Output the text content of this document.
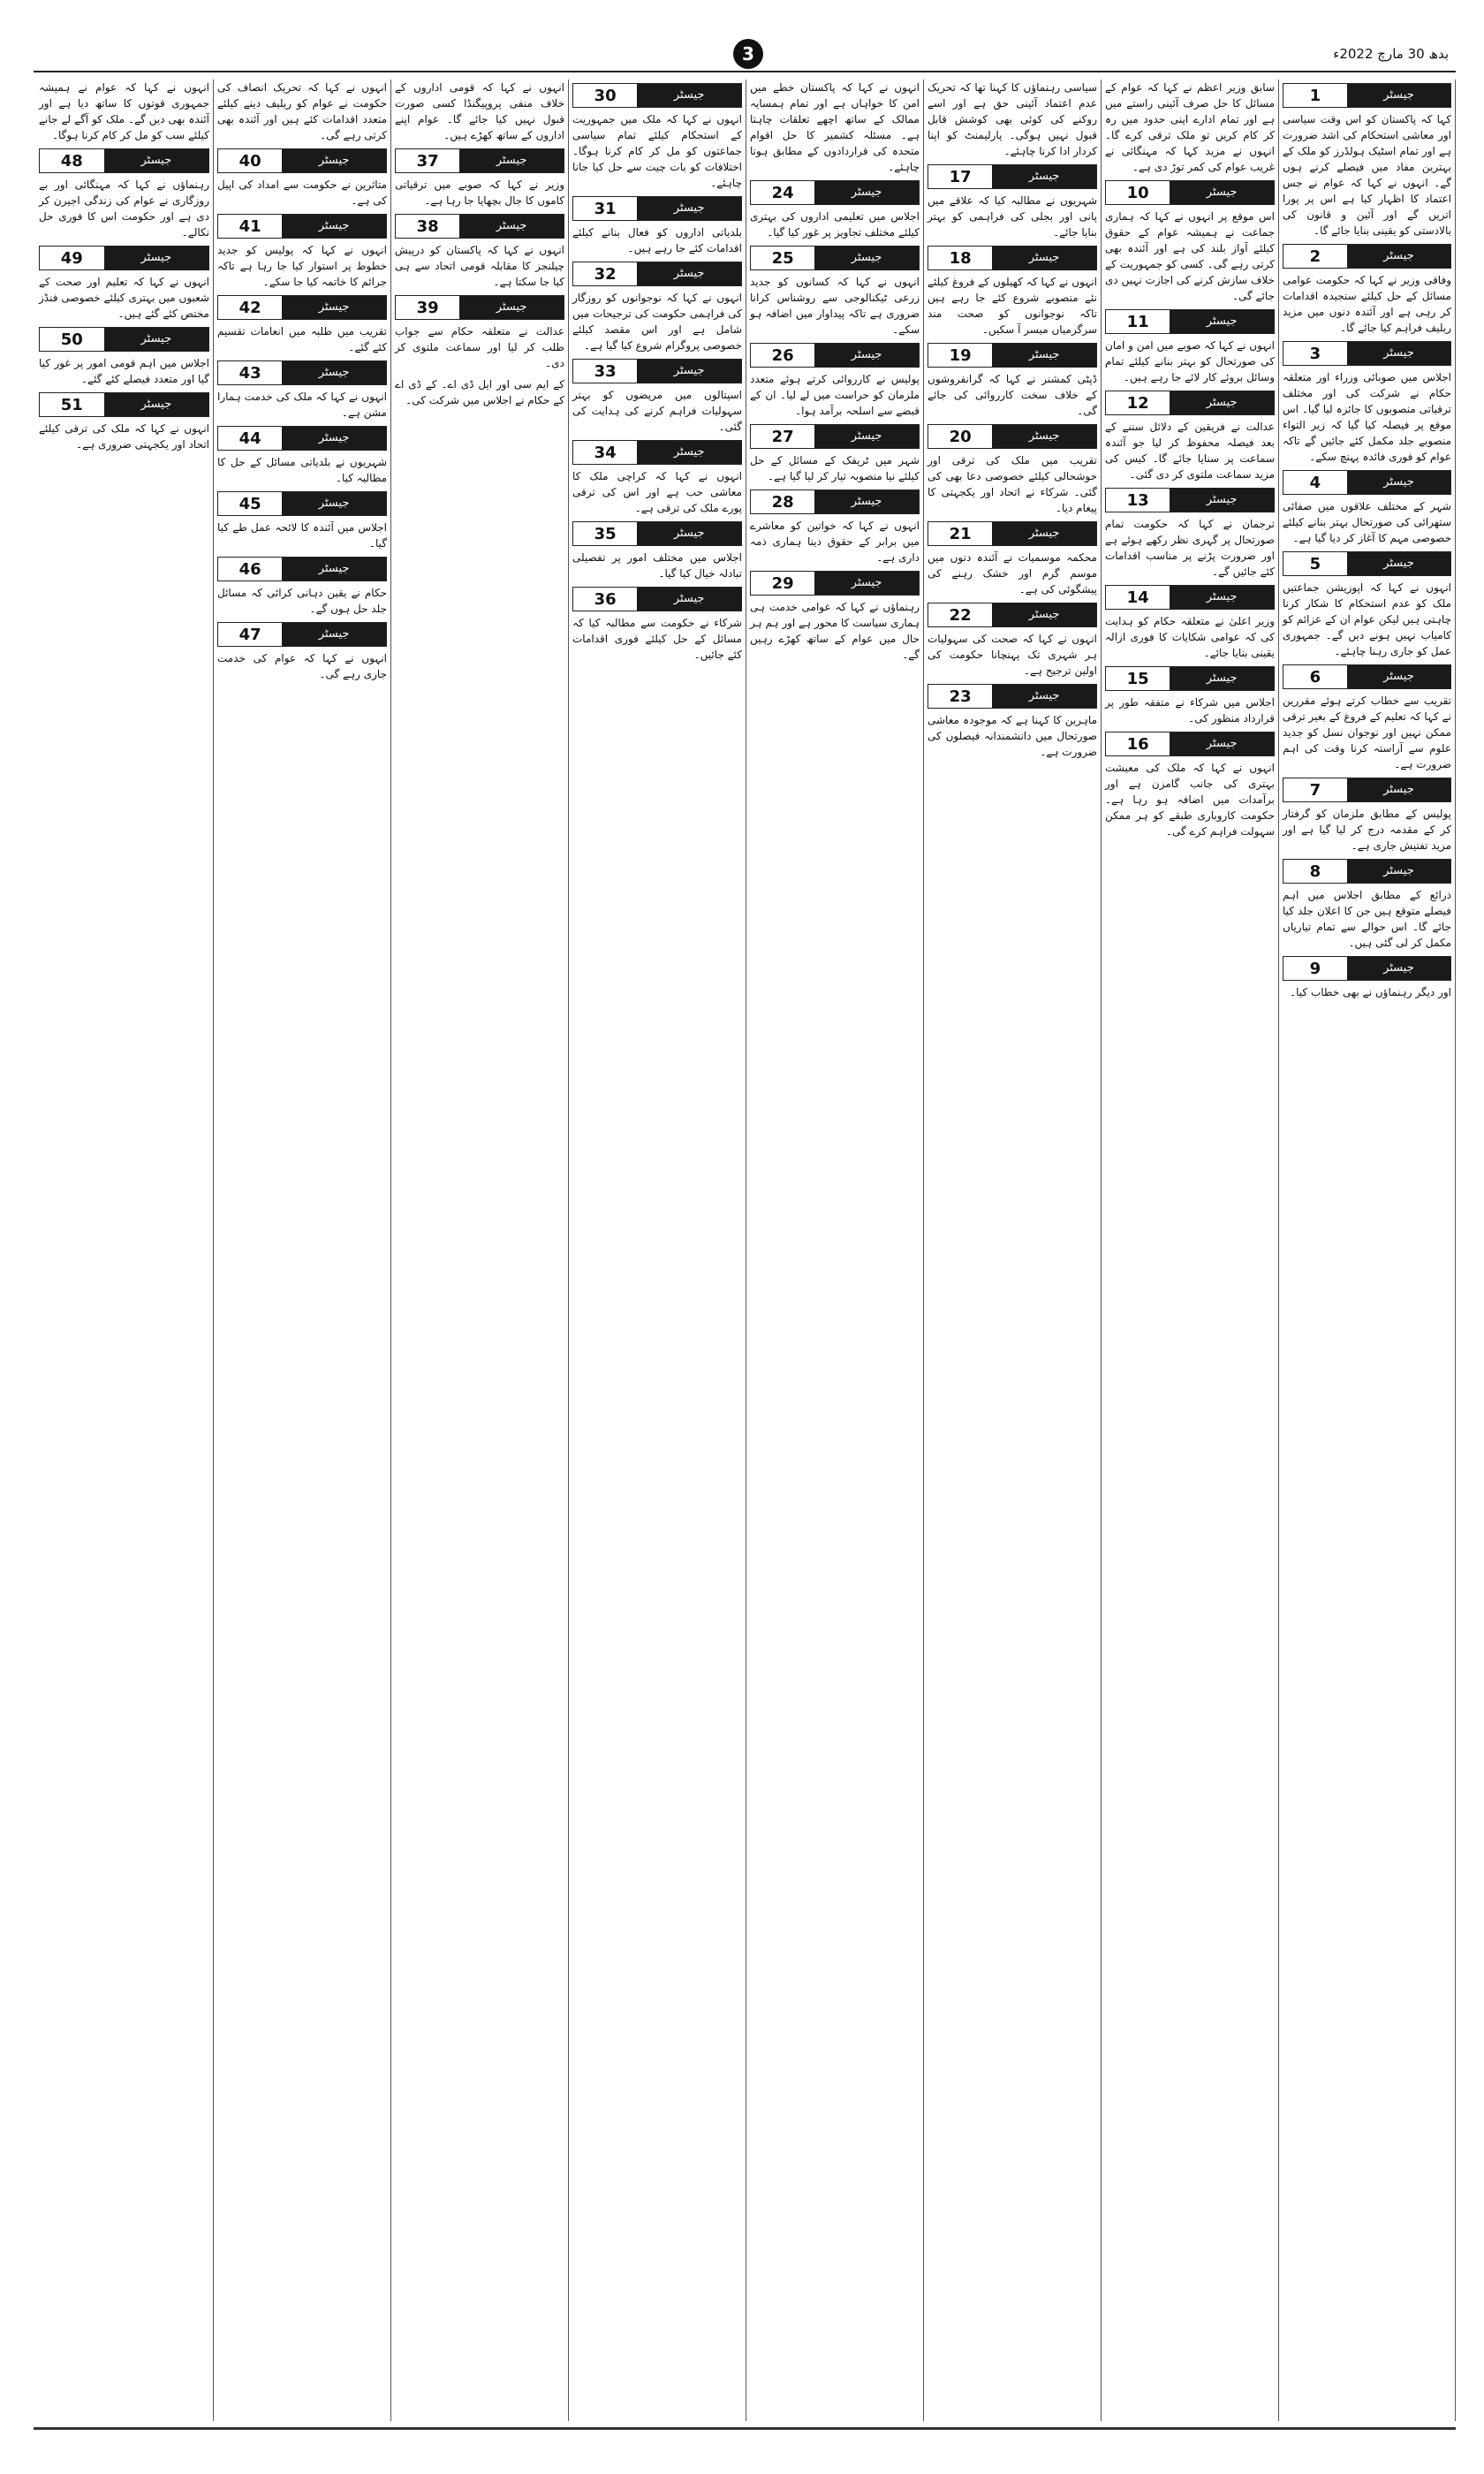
3	بدھ 30 مارچ 2022ء
جیسٹر
1
کہا کہ پاکستان کو اس وقت سیاسی اور معاشی استحکام کی اشد ضرورت ہے اور تمام اسٹیک ہولڈرز کو ملک کے بہترین مفاد میں فیصلے کرنے ہوں گے۔ انہوں نے کہا کہ عوام نے جس اعتماد کا اظہار کیا ہے اس پر پورا اتریں گے اور آئین و قانون کی بالادستی کو یقینی بنایا جائے گا۔
جیسٹر
2
وفاقی وزیر نے کہا کہ حکومت عوامی مسائل کے حل کیلئے سنجیدہ اقدامات کر رہی ہے اور آئندہ دنوں میں مزید ریلیف فراہم کیا جائے گا۔
جیسٹر
3
اجلاس میں صوبائی وزراء اور متعلقہ حکام نے شرکت کی اور مختلف ترقیاتی منصوبوں کا جائزہ لیا گیا۔ اس موقع پر فیصلہ کیا گیا کہ زیر التواء منصوبے جلد مکمل کئے جائیں گے تاکہ عوام کو فوری فائدہ پہنچ سکے۔
جیسٹر
4
شہر کے مختلف علاقوں میں صفائی ستھرائی کی صورتحال بہتر بنانے کیلئے خصوصی مہم کا آغاز کر دیا گیا ہے۔
جیسٹر
5
انہوں نے کہا کہ اپوزیشن جماعتیں ملک کو عدم استحکام کا شکار کرنا چاہتی ہیں لیکن عوام ان کے عزائم کو کامیاب نہیں ہونے دیں گے۔ جمہوری عمل کو جاری رہنا چاہئے۔
جیسٹر
6
تقریب سے خطاب کرتے ہوئے مقررین نے کہا کہ تعلیم کے فروغ کے بغیر ترقی ممکن نہیں اور نوجوان نسل کو جدید علوم سے آراستہ کرنا وقت کی اہم ضرورت ہے۔
جیسٹر
7
پولیس کے مطابق ملزمان کو گرفتار کر کے مقدمہ درج کر لیا گیا ہے اور مزید تفتیش جاری ہے۔
جیسٹر
8
ذرائع کے مطابق اجلاس میں اہم فیصلے متوقع ہیں جن کا اعلان جلد کیا جائے گا۔ اس حوالے سے تمام تیاریاں مکمل کر لی گئی ہیں۔
جیسٹر
9
اور دیگر رہنماؤں نے بھی خطاب کیا۔
سابق وزیر اعظم نے کہا کہ عوام کے مسائل کا حل صرف آئینی راستے میں ہے اور تمام ادارے اپنی حدود میں رہ کر کام کریں تو ملک ترقی کرے گا۔ انہوں نے مزید کہا کہ مہنگائی نے غریب عوام کی کمر توڑ دی ہے۔
جیسٹر
10
اس موقع پر انہوں نے کہا کہ ہماری جماعت نے ہمیشہ عوام کے حقوق کیلئے آواز بلند کی ہے اور آئندہ بھی کرتی رہے گی۔ کسی کو جمہوریت کے خلاف سازش کرنے کی اجازت نہیں دی جائے گی۔
جیسٹر
11
انہوں نے کہا کہ صوبے میں امن و امان کی صورتحال کو بہتر بنانے کیلئے تمام وسائل بروئے کار لائے جا رہے ہیں۔
جیسٹر
12
عدالت نے فریقین کے دلائل سننے کے بعد فیصلہ محفوظ کر لیا جو آئندہ سماعت پر سنایا جائے گا۔ کیس کی مزید سماعت ملتوی کر دی گئی۔
جیسٹر
13
ترجمان نے کہا کہ حکومت تمام صورتحال پر گہری نظر رکھے ہوئے ہے اور ضرورت پڑنے پر مناسب اقدامات کئے جائیں گے۔
جیسٹر
14
وزیر اعلیٰ نے متعلقہ حکام کو ہدایت کی کہ عوامی شکایات کا فوری ازالہ یقینی بنایا جائے۔
جیسٹر
15
اجلاس میں شرکاء نے متفقہ طور پر قرارداد منظور کی۔
جیسٹر
16
انہوں نے کہا کہ ملک کی معیشت بہتری کی جانب گامزن ہے اور برآمدات میں اضافہ ہو رہا ہے۔ حکومت کاروباری طبقے کو ہر ممکن سہولت فراہم کرے گی۔
سیاسی رہنماؤں کا کہنا تھا کہ تحریک عدم اعتماد آئینی حق ہے اور اسے روکنے کی کوئی بھی کوشش قابل قبول نہیں ہوگی۔ پارلیمنٹ کو اپنا کردار ادا کرنا چاہئے۔
جیسٹر
17
شہریوں نے مطالبہ کیا کہ علاقے میں پانی اور بجلی کی فراہمی کو بہتر بنایا جائے۔
جیسٹر
18
انہوں نے کہا کہ کھیلوں کے فروغ کیلئے نئے منصوبے شروع کئے جا رہے ہیں تاکہ نوجوانوں کو صحت مند سرگرمیاں میسر آ سکیں۔
جیسٹر
19
ڈپٹی کمشنر نے کہا کہ گرانفروشوں کے خلاف سخت کارروائی کی جائے گی۔
جیسٹر
20
تقریب میں ملک کی ترقی اور خوشحالی کیلئے خصوصی دعا بھی کی گئی۔ شرکاء نے اتحاد اور یکجہتی کا پیغام دیا۔
جیسٹر
21
محکمہ موسمیات نے آئندہ دنوں میں موسم گرم اور خشک رہنے کی پیشگوئی کی ہے۔
جیسٹر
22
انہوں نے کہا کہ صحت کی سہولیات ہر شہری تک پہنچانا حکومت کی اولین ترجیح ہے۔
جیسٹر
23
ماہرین کا کہنا ہے کہ موجودہ معاشی صورتحال میں دانشمندانہ فیصلوں کی ضرورت ہے۔
انہوں نے کہا کہ پاکستان خطے میں امن کا خواہاں ہے اور تمام ہمسایہ ممالک کے ساتھ اچھے تعلقات چاہتا ہے۔ مسئلہ کشمیر کا حل اقوام متحدہ کی قراردادوں کے مطابق ہونا چاہئے۔
جیسٹر
24
اجلاس میں تعلیمی اداروں کی بہتری کیلئے مختلف تجاویز پر غور کیا گیا۔
جیسٹر
25
انہوں نے کہا کہ کسانوں کو جدید زرعی ٹیکنالوجی سے روشناس کرانا ضروری ہے تاکہ پیداوار میں اضافہ ہو سکے۔
جیسٹر
26
پولیس نے کارروائی کرتے ہوئے متعدد ملزمان کو حراست میں لے لیا۔ ان کے قبضے سے اسلحہ برآمد ہوا۔
جیسٹر
27
شہر میں ٹریفک کے مسائل کے حل کیلئے نیا منصوبہ تیار کر لیا گیا ہے۔
جیسٹر
28
انہوں نے کہا کہ خواتین کو معاشرے میں برابر کے حقوق دینا ہماری ذمہ داری ہے۔
جیسٹر
29
رہنماؤں نے کہا کہ عوامی خدمت ہی ہماری سیاست کا محور ہے اور ہم ہر حال میں عوام کے ساتھ کھڑے رہیں گے۔
جیسٹر
30
انہوں نے کہا کہ ملک میں جمہوریت کے استحکام کیلئے تمام سیاسی جماعتوں کو مل کر کام کرنا ہوگا۔ اختلافات کو بات چیت سے حل کیا جانا چاہئے۔
جیسٹر
31
بلدیاتی اداروں کو فعال بنانے کیلئے اقدامات کئے جا رہے ہیں۔
جیسٹر
32
انہوں نے کہا کہ نوجوانوں کو روزگار کی فراہمی حکومت کی ترجیحات میں شامل ہے اور اس مقصد کیلئے خصوصی پروگرام شروع کیا گیا ہے۔
جیسٹر
33
اسپتالوں میں مریضوں کو بہتر سہولیات فراہم کرنے کی ہدایت کی گئی۔
جیسٹر
34
انہوں نے کہا کہ کراچی ملک کا معاشی حب ہے اور اس کی ترقی پورے ملک کی ترقی ہے۔
جیسٹر
35
اجلاس میں مختلف امور پر تفصیلی تبادلہ خیال کیا گیا۔
جیسٹر
36
شرکاء نے حکومت سے مطالبہ کیا کہ مسائل کے حل کیلئے فوری اقدامات کئے جائیں۔
انہوں نے کہا کہ قومی اداروں کے خلاف منفی پروپیگنڈا کسی صورت قبول نہیں کیا جائے گا۔ عوام اپنے اداروں کے ساتھ کھڑے ہیں۔
جیسٹر
37
وزیر نے کہا کہ صوبے میں ترقیاتی کاموں کا جال بچھایا جا رہا ہے۔
جیسٹر
38
انہوں نے کہا کہ پاکستان کو درپیش چیلنجز کا مقابلہ قومی اتحاد سے ہی کیا جا سکتا ہے۔
جیسٹر
39
عدالت نے متعلقہ حکام سے جواب طلب کر لیا اور سماعت ملتوی کر دی۔
کے ایم سی اور ایل ڈی اے۔ کے ڈی اے کے حکام نے اجلاس میں شرکت کی۔
انہوں نے کہا کہ تحریک انصاف کی حکومت نے عوام کو ریلیف دینے کیلئے متعدد اقدامات کئے ہیں اور آئندہ بھی کرتی رہے گی۔
جیسٹر
40
متاثرین نے حکومت سے امداد کی اپیل کی ہے۔
جیسٹر
41
انہوں نے کہا کہ پولیس کو جدید خطوط پر استوار کیا جا رہا ہے تاکہ جرائم کا خاتمہ کیا جا سکے۔
جیسٹر
42
تقریب میں طلبہ میں انعامات تقسیم کئے گئے۔
جیسٹر
43
انہوں نے کہا کہ ملک کی خدمت ہمارا مشن ہے۔
جیسٹر
44
شہریوں نے بلدیاتی مسائل کے حل کا مطالبہ کیا۔
جیسٹر
45
اجلاس میں آئندہ کا لائحہ عمل طے کیا گیا۔
جیسٹر
46
حکام نے یقین دہانی کرائی کہ مسائل جلد حل ہوں گے۔
جیسٹر
47
انہوں نے کہا کہ عوام کی خدمت جاری رہے گی۔
انہوں نے کہا کہ عوام نے ہمیشہ جمہوری قوتوں کا ساتھ دیا ہے اور آئندہ بھی دیں گے۔ ملک کو آگے لے جانے کیلئے سب کو مل کر کام کرنا ہوگا۔
جیسٹر
48
رہنماؤں نے کہا کہ مہنگائی اور بے روزگاری نے عوام کی زندگی اجیرن کر دی ہے اور حکومت اس کا فوری حل نکالے۔
جیسٹر
49
انہوں نے کہا کہ تعلیم اور صحت کے شعبوں میں بہتری کیلئے خصوصی فنڈز مختص کئے گئے ہیں۔
جیسٹر
50
اجلاس میں اہم قومی امور پر غور کیا گیا اور متعدد فیصلے کئے گئے۔
جیسٹر
51
انہوں نے کہا کہ ملک کی ترقی کیلئے اتحاد اور یکجہتی ضروری ہے۔
